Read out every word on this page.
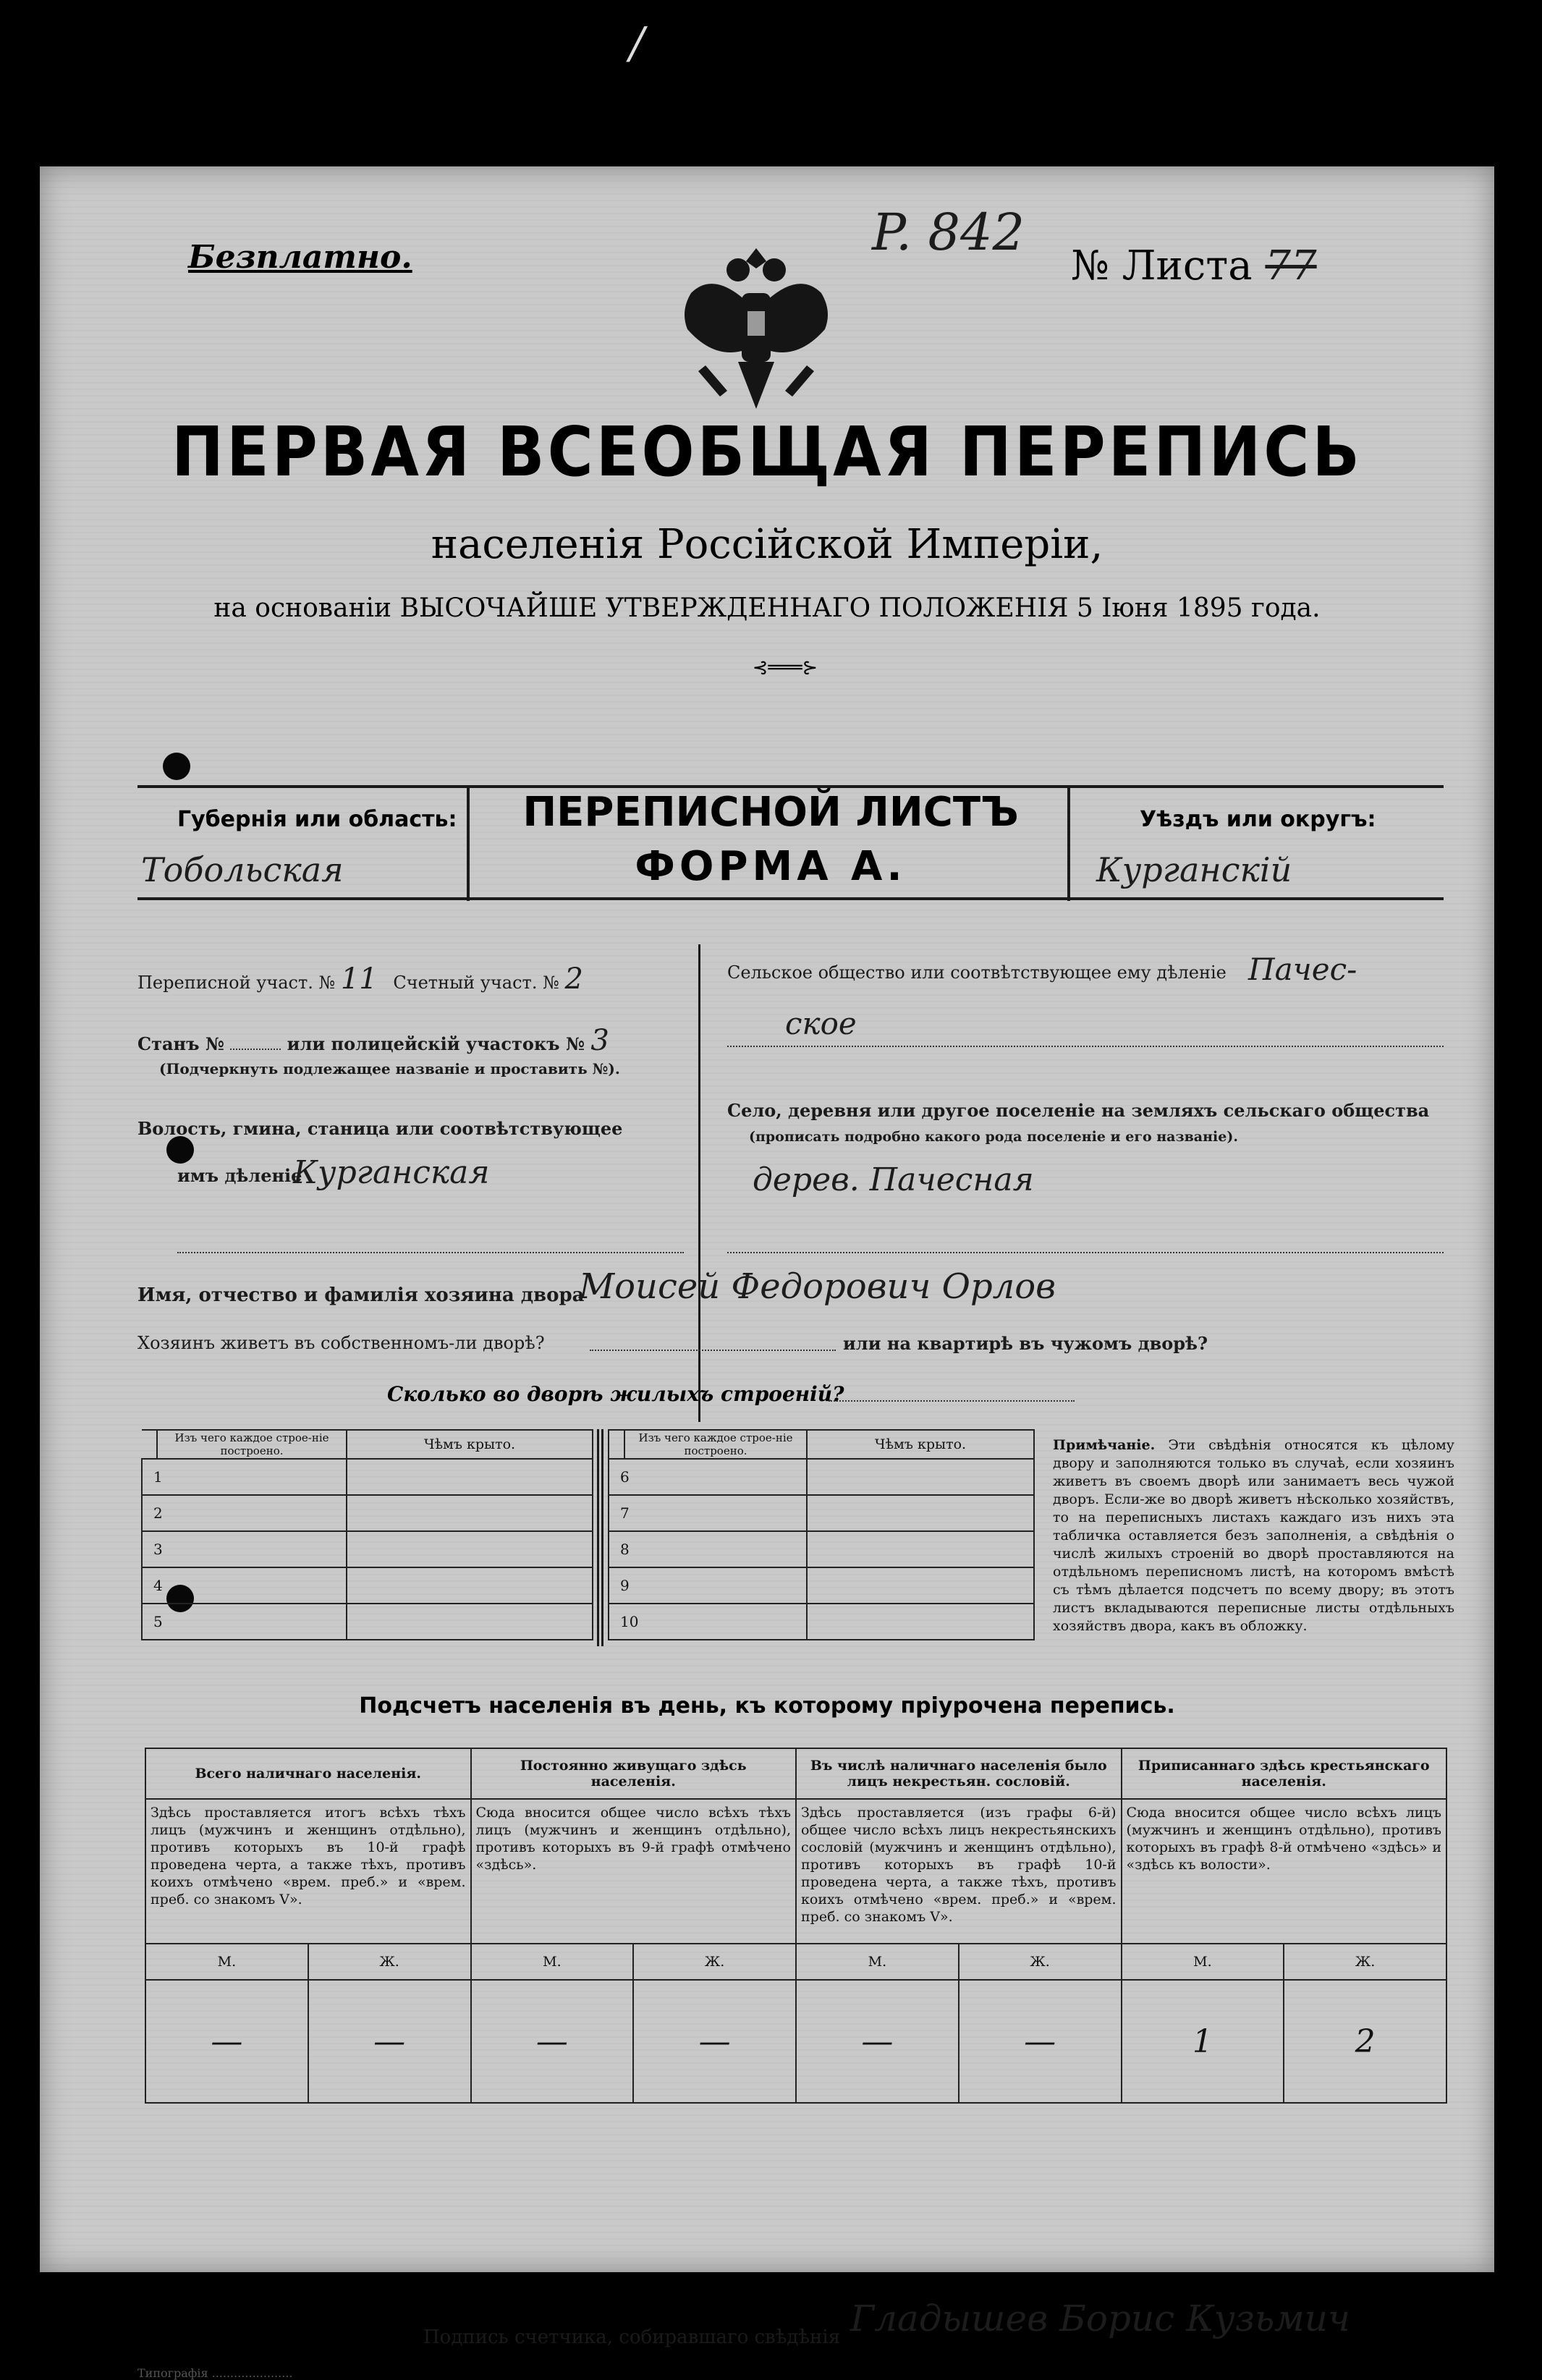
P. 842
Безплатно.	№ Листа 77
ПЕРВАЯ ВСЕОБЩАЯ ПЕРЕПИСЬ
населенія Россійской Имперіи,
на основаніи ВЫСОЧАЙШЕ УТВЕРЖДЕННАГО ПОЛОЖЕНІЯ 5 Іюня 1895 года.
⊰═══⊱
Губернія или область:
Тобольская
ПЕРЕПИСНОЙ ЛИСТЪ
ФОРМА А.
Уѣздъ или округъ:
Курганскій
Переписной участ. № 11 Счетный участ. № 2
Станъ №	или полицейскій участокъ № 3
(Подчеркнуть подлежащее названіе и проставить №).
Волость, гмина, станица или соотвѣтствующее
имъ дѣленіе
Курганская
Сельское общество или соотвѣтствующее ему дѣленіе Пачес-
ское
Село, деревня или другое поселеніе на земляхъ сельскаго общества
(прописать подробно какого рода поселеніе и его названіе).
дерев. Пачесная
Имя, отчество и фамилія хозяина двора
Моисей Федорович Орлов
Хозяинъ живетъ въ собственномъ-ли дворѣ?	или на квартирѣ въ чужомъ дворѣ?
Сколько во дворѣ жилыхъ строеній?
	Изъ чего каждое строе-ніе построено.	Чѣмъ крыто.
1		
2		
3		
4		
5		
	Изъ чего каждое строе-ніе построено.	Чѣмъ крыто.
6		
7		
8		
9		
10		
Примѣчаніе. Эти свѣдѣнія относятся къ цѣлому двору и заполняются только въ случаѣ, если хозяинъ живетъ въ своемъ дворѣ или занимаетъ весь чужой дворъ. Если-же во дворѣ живетъ нѣсколько хозяйствъ, то на переписныхъ листахъ каждаго изъ нихъ эта табличка оставляется безъ заполненія, а свѣдѣнія о числѣ жилыхъ строеній во дворѣ проставляются на отдѣльномъ переписномъ листѣ, на которомъ вмѣстѣ съ тѣмъ дѣлается подсчетъ по всему двору; въ этотъ листъ вкладываются переписные листы отдѣльныхъ хозяйствъ двора, какъ въ обложку.
Подсчетъ населенія въ день, къ которому пріурочена перепись.
Всего наличнаго населенія.		Постоянно живущаго здѣсь населенія.		Въ числѣ наличнаго населенія было лицъ некрестьян. сословій.		Приписаннаго здѣсь крестьянскаго населенія.	
Здѣсь проставляется итогъ всѣхъ тѣхъ лицъ (мужчинъ и женщинъ отдѣльно), противъ которыхъ въ 10-й графѣ проведена черта, а также тѣхъ, противъ коихъ отмѣчено «врем. преб.» и «врем. преб. со знакомъ V».		Сюда вносится общее число всѣхъ тѣхъ лицъ (мужчинъ и женщинъ отдѣльно), противъ которыхъ въ 9-й графѣ отмѣчено «здѣсь».		Здѣсь проставляется (изъ графы 6-й) общее число всѣхъ лицъ некрестьянскихъ сословій (мужчинъ и женщинъ отдѣльно), противъ которыхъ въ графѣ 10-й проведена черта, а также тѣхъ, противъ коихъ отмѣчено «врем. преб.» и «врем. преб. со знакомъ V».		Сюда вносится общее число всѣхъ лицъ (мужчинъ и женщинъ отдѣльно), противъ которыхъ въ графѣ 8-й отмѣчено «здѣсь» и «здѣсь къ волости».	
М.	Ж.	М.	Ж.	М.	Ж.	М.	Ж.
—	—	—	—	—	—	1	2
Подпись счетчика, собиравшаго свѣдѣнія Гладышев Борис Кузьмич
Типографія ......................
/
